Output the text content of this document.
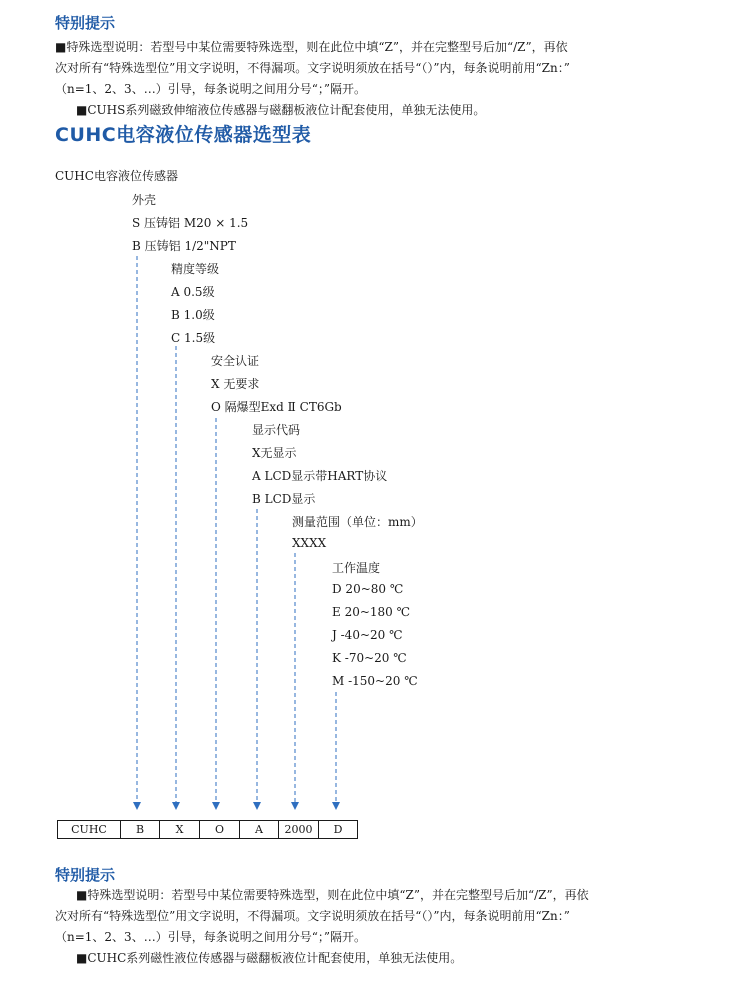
特别提示
■特殊选型说明：若型号中某位需要特殊选型，则在此位中填“Z”，并在完整型号后加“/Z”，再依
次对所有“特殊选型位”用文字说明，不得漏项。文字说明须放在括号“（）”内，每条说明前用“Zn：”
（n=1、2、3、…）引导，每条说明之间用分号“；”隔开。
■CUHS系列磁致伸缩液位传感器与磁翻板液位计配套使用，单独无法使用。
CUHC电容液位传感器选型表
CUHC电容液位传感器
外壳
S 压铸铝 M20 × 1.5
B 压铸铝 1/2"NPT
精度等级
A 0.5级
B 1.0级
C 1.5级
安全认证
X 无要求
O 隔爆型Exd Ⅱ CT6Gb
显示代码
X无显示
A LCD显示带HART协议
B LCD显示
测量范围（单位：mm）
XXXX
工作温度
D 20~80 ℃
E 20~180 ℃
J -40~20 ℃
K -70~20 ℃
M -150~20 ℃
CUHC	B	X	O	A	2000	D
特别提示
■特殊选型说明：若型号中某位需要特殊选型，则在此位中填“Z”，并在完整型号后加“/Z”，再依
次对所有“特殊选型位”用文字说明，不得漏项。文字说明须放在括号“（）”内，每条说明前用“Zn：”
（n=1、2、3、…）引导，每条说明之间用分号“；”隔开。
■CUHC系列磁性液位传感器与磁翻板液位计配套使用，单独无法使用。
